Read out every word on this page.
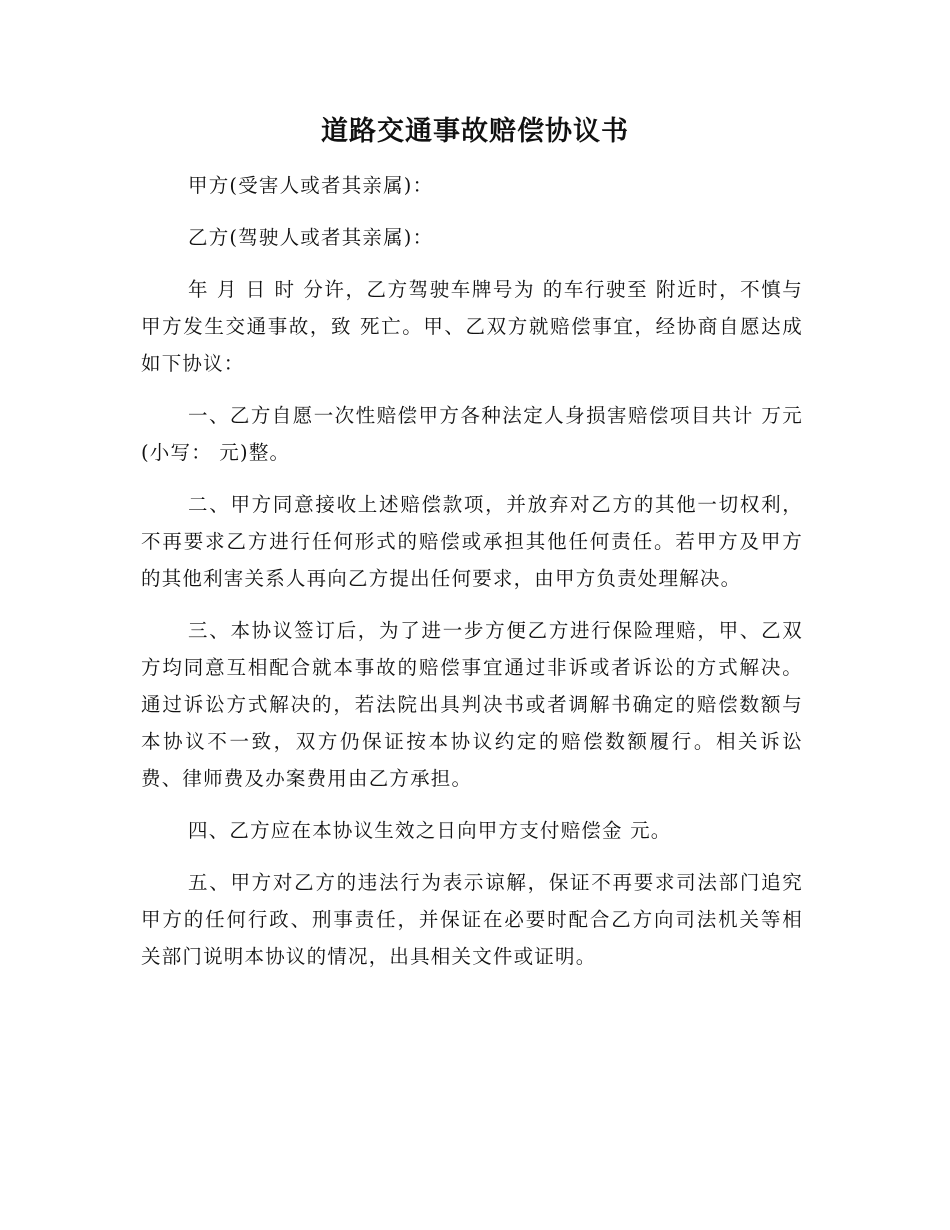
道路交通事故赔偿协议书

甲方(受害人或者其亲属)：

乙方(驾驶人或者其亲属)：

年 月 日 时 分许，乙方驾驶车牌号为 的车行驶至 附近时，不慎与甲方发生交通事故，致 死亡。甲、乙双方就赔偿事宜，经协商自愿达成如下协议：

一、乙方自愿一次性赔偿甲方各种法定人身损害赔偿项目共计 万元(小写： 元)整。

二、甲方同意接收上述赔偿款项，并放弃对乙方的其他一切权利，不再要求乙方进行任何形式的赔偿或承担其他任何责任。若甲方及甲方的其他利害关系人再向乙方提出任何要求，由甲方负责处理解决。

三、本协议签订后，为了进一步方便乙方进行保险理赔，甲、乙双方均同意互相配合就本事故的赔偿事宜通过非诉或者诉讼的方式解决。通过诉讼方式解决的，若法院出具判决书或者调解书确定的赔偿数额与本协议不一致，双方仍保证按本协议约定的赔偿数额履行。相关诉讼费、律师费及办案费用由乙方承担。

四、乙方应在本协议生效之日向甲方支付赔偿金 元。

五、甲方对乙方的违法行为表示谅解，保证不再要求司法部门追究甲方的任何行政、刑事责任，并保证在必要时配合乙方向司法机关等相关部门说明本协议的情况，出具相关文件或证明。
